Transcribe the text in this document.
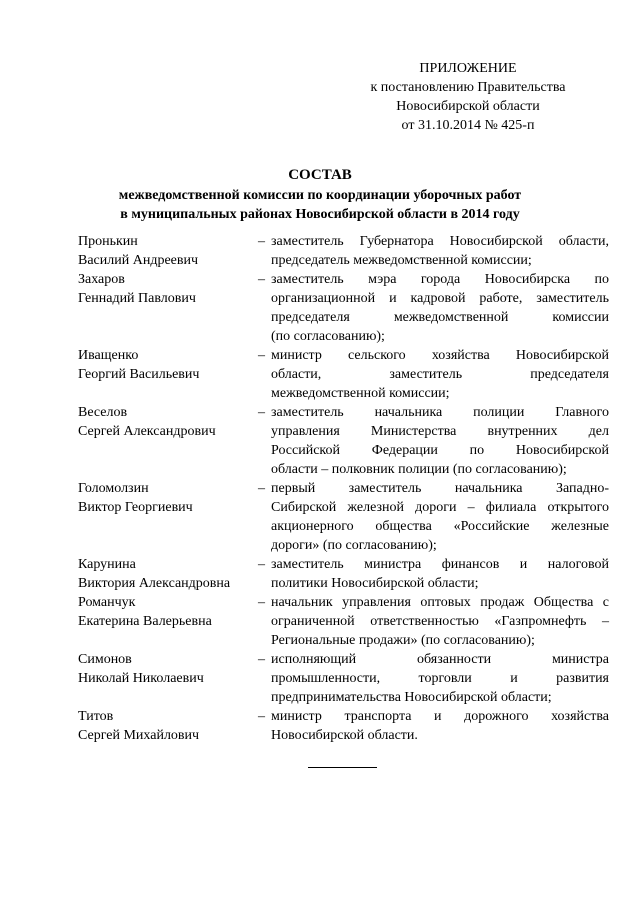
ПРИЛОЖЕНИЕ
к постановлению Правительства
Новосибирской области
от 31.10.2014 № 425-п
СОСТАВ
межведомственной комиссии по координации уборочных работ
в муниципальных районах Новосибирской области в 2014 году
Пронькин
Василий Андреевич
– заместитель Губернатора Новосибирской области,
председатель межведомственной комиссии;
Захаров
Геннадий Павлович
– заместитель мэра города Новосибирска по
организационной и кадровой работе, заместитель
председателя межведомственной комиссии
(по согласованию);
Иващенко
Георгий Васильевич
– министр сельского хозяйства Новосибирской
области, заместитель председателя
межведомственной комиссии;
Веселов
Сергей Александрович
– заместитель начальника полиции Главного
управления Министерства внутренних дел
Российской Федерации по Новосибирской
области – полковник полиции (по согласованию);
Голомолзин
Виктор Георгиевич
– первый заместитель начальника Западно-
Сибирской железной дороги – филиала открытого
акционерного общества «Российские железные
дороги» (по согласованию);
Карунина
Виктория Александровна
– заместитель министра финансов и налоговой
политики Новосибирской области;
Романчук
Екатерина Валерьевна
– начальник управления оптовых продаж Общества с
ограниченной ответственностью «Газпромнефть –
Региональные продажи» (по согласованию);
Симонов
Николай Николаевич
– исполняющий обязанности министра
промышленности, торговли и развития
предпринимательства Новосибирской области;
Титов
Сергей Михайлович
– министр транспорта и дорожного хозяйства
Новосибирской области.
